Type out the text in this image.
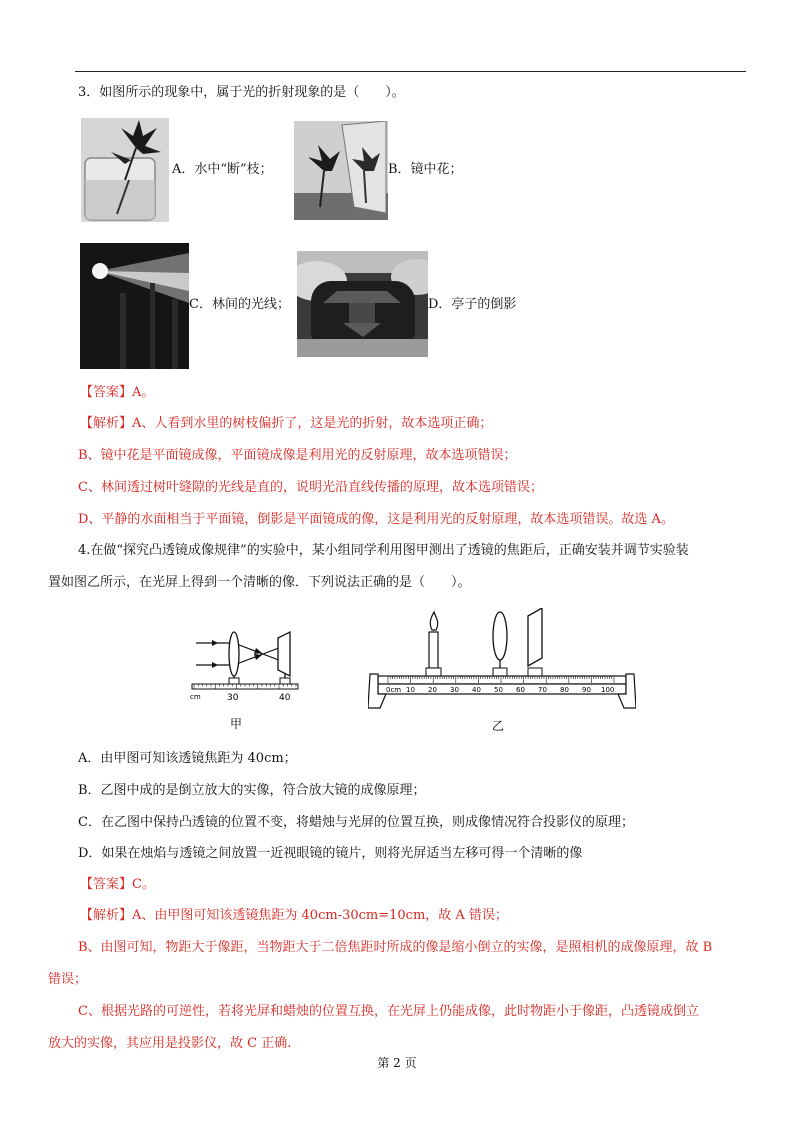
3．如图所示的现象中，属于光的折射现象的是（　　）。
A．水中“断”枝；	B．镜中花；
C．林间的光线；	D．亭子的倒影
【答案】A。
【解析】A、人看到水里的树枝偏折了，这是光的折射，故本选项正确；
B、镜中花是平面镜成像，平面镜成像是利用光的反射原理，故本选项错误；
C、林间透过树叶缝隙的光线是直的，说明光沿直线传播的原理，故本选项错误；
D、平静的水面相当于平面镜，倒影是平面镜成的像，这是利用光的反射原理，故本选项错误。故选 A。
4.在做“探究凸透镜成像规律”的实验中，某小组同学利用图甲测出了透镜的焦距后，正确安装并调节实验装
置如图乙所示，在光屏上得到一个清晰的像．下列说法正确的是（　　）。
cm	30	40
甲
0cm 10 20 30 40 50 60 70 80 90 100
乙
A．由甲图可知该透镜焦距为 40cm；
B．乙图中成的是倒立放大的实像，符合放大镜的成像原理；
C．在乙图中保持凸透镜的位置不变，将蜡烛与光屏的位置互换，则成像情况符合投影仪的原理；
D．如果在烛焰与透镜之间放置一近视眼镜的镜片，则将光屏适当左移可得一个清晰的像
【答案】C。
【解析】A、由甲图可知该透镜焦距为 40cm-30cm=10cm，故 A 错误；
B、由图可知，物距大于像距，当物距大于二倍焦距时所成的像是缩小倒立的实像，是照相机的成像原理，故 B
错误；
C、根据光路的可逆性，若将光屏和蜡烛的位置互换，在光屏上仍能成像，此时物距小于像距，凸透镜成倒立
放大的实像，其应用是投影仪，故 C 正确.
第 2 页
